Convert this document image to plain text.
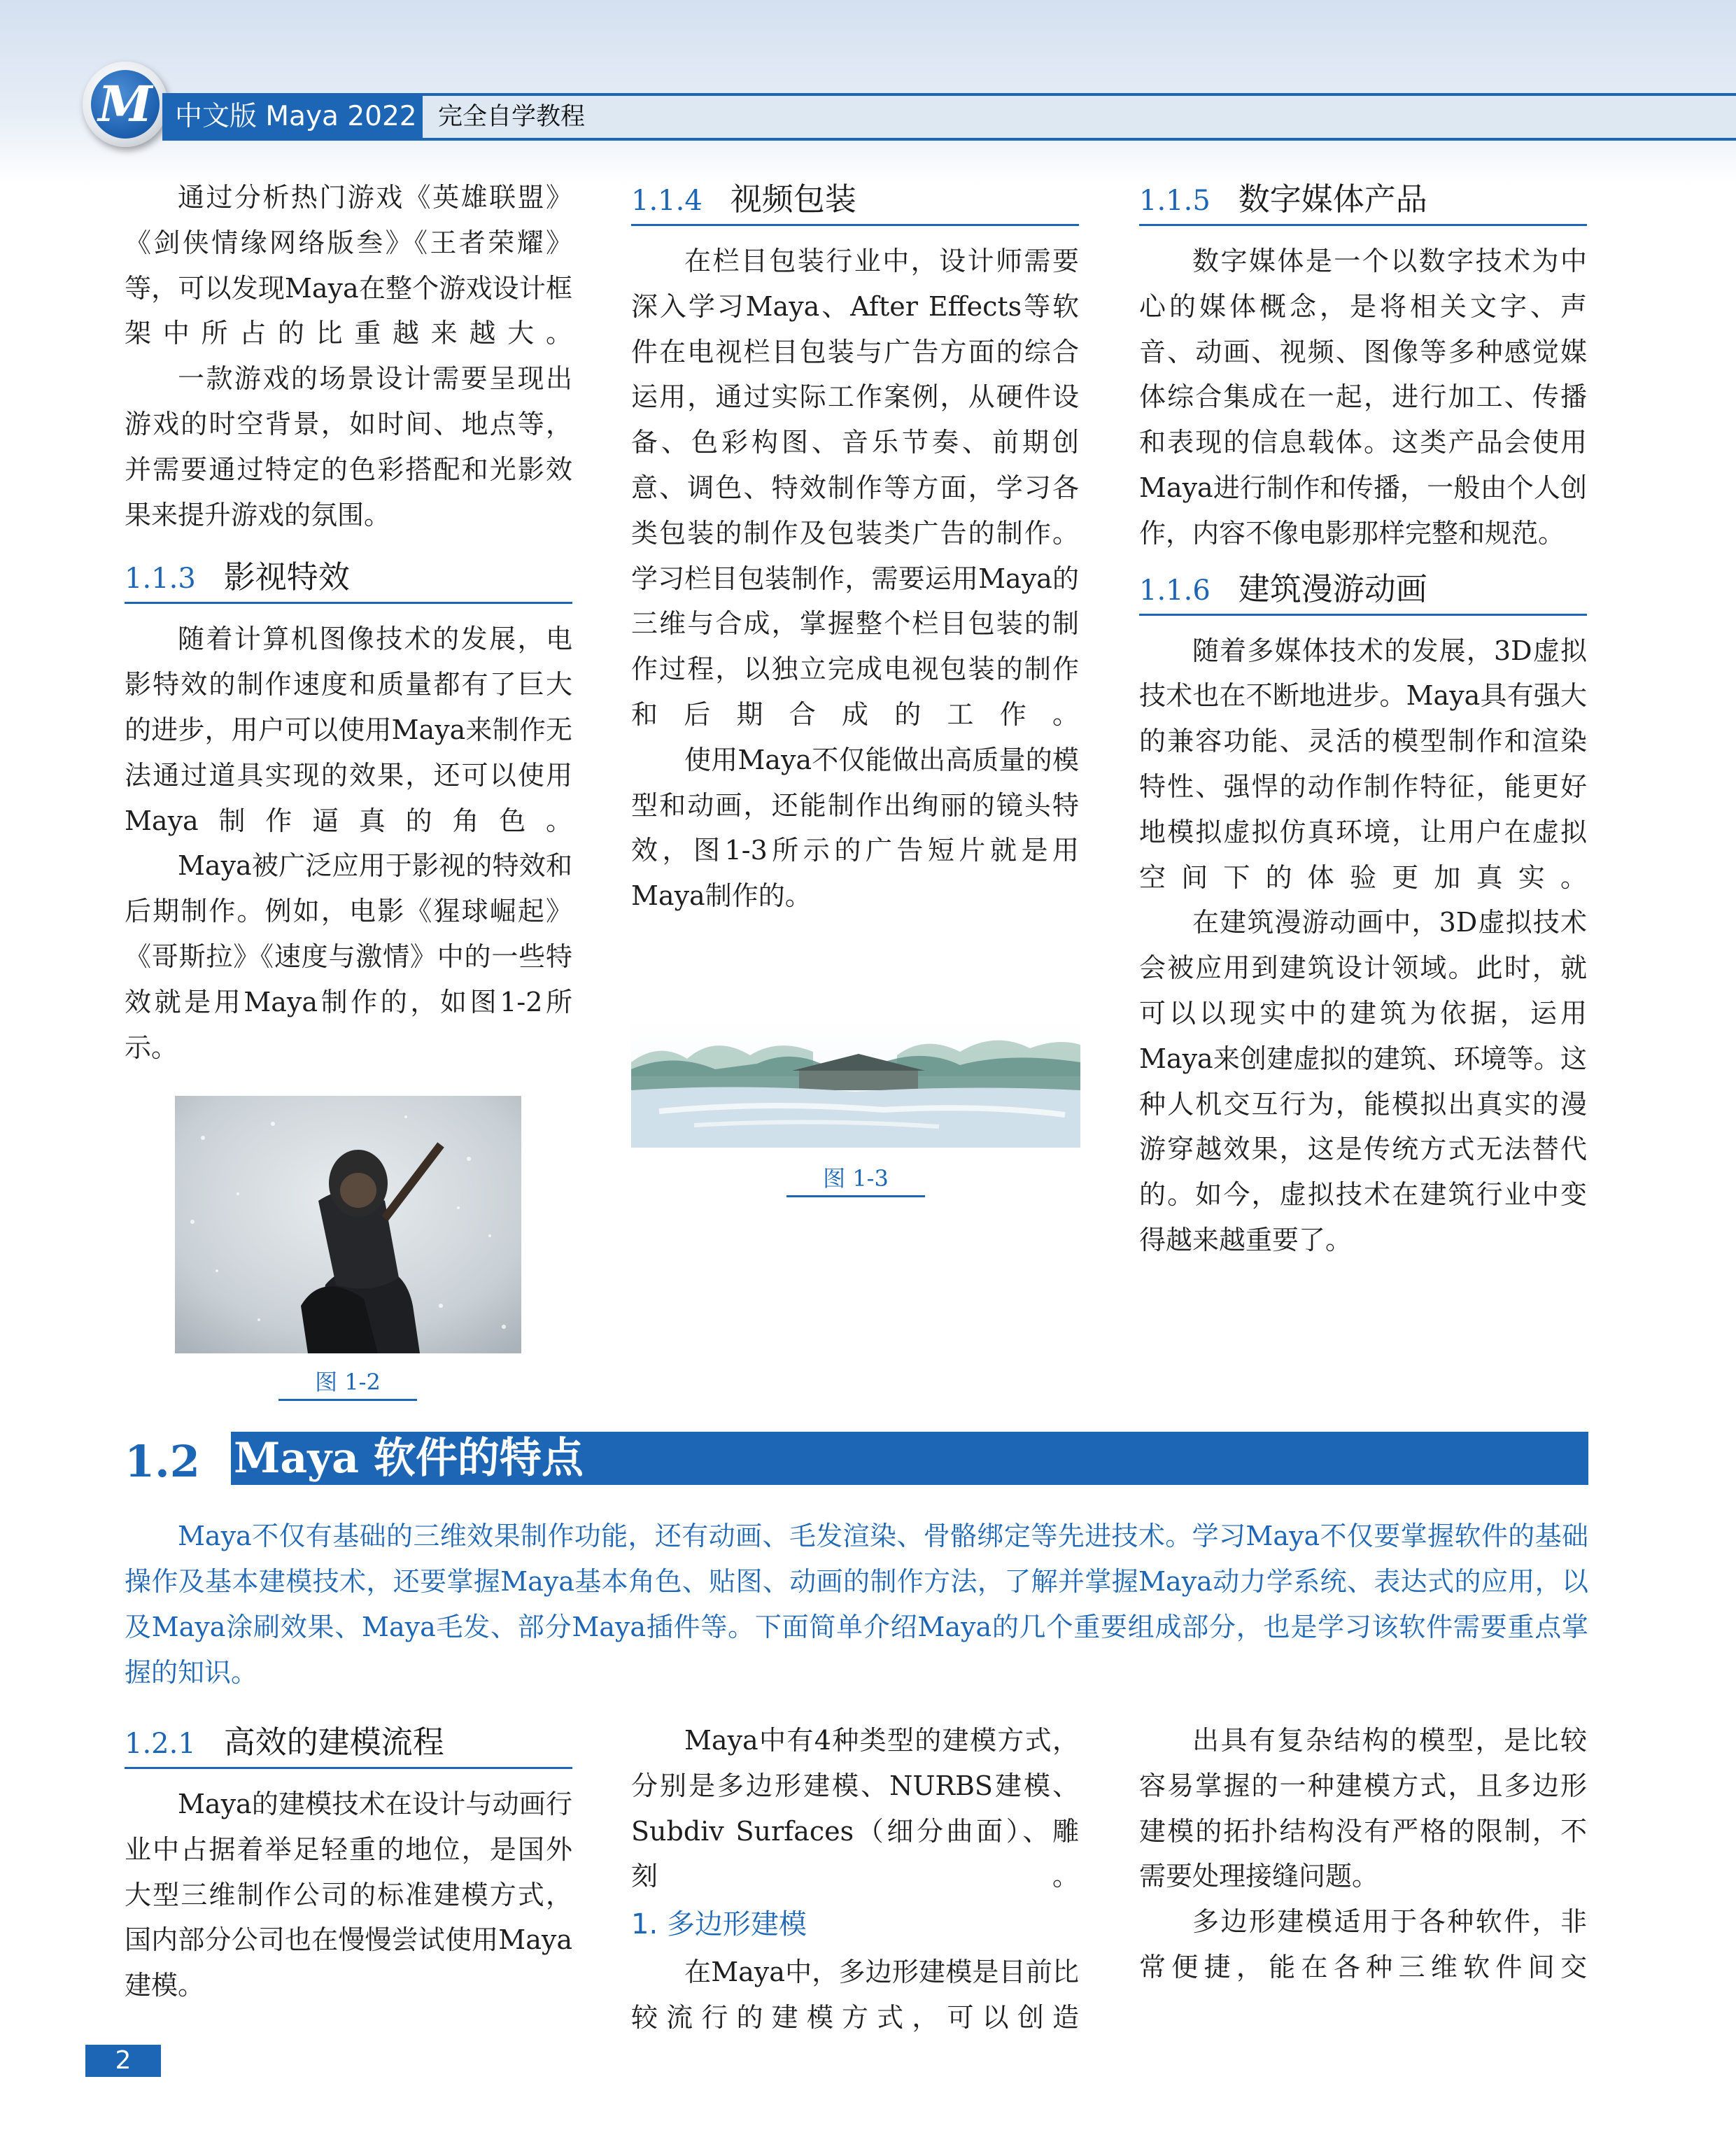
M 中文版 Maya 2022 完全自学教程

通过分析热门游戏《英雄联盟》《剑侠情缘网络版叁》《王者荣耀》等，可以发现Maya在整个游戏设计框架中所占的比重越来越大。

一款游戏的场景设计需要呈现出游戏的时空背景，如时间、地点等，并需要通过特定的色彩搭配和光影效果来提升游戏的氛围。

1.1.3 影视特效

随着计算机图像技术的发展，电影特效的制作速度和质量都有了巨大的进步，用户可以使用Maya来制作无法通过道具实现的效果，还可以使用Maya制作逼真的角色。

Maya被广泛应用于影视的特效和后期制作。例如，电影《猩球崛起》《哥斯拉》《速度与激情》中的一些特效就是用Maya制作的，如图1-2所示。

图 1-2
1.1.4 视频包装

在栏目包装行业中，设计师需要深入学习Maya、After Effects等软件在电视栏目包装与广告方面的综合运用，通过实际工作案例，从硬件设备、色彩构图、音乐节奏、前期创意、调色、特效制作等方面，学习各类包装的制作及包装类广告的制作。学习栏目包装制作，需要运用Maya的三维与合成，掌握整个栏目包装的制作过程，以独立完成电视包装的制作和后期合成的工作。

使用Maya不仅能做出高质量的模型和动画，还能制作出绚丽的镜头特效，图1-3所示的广告短片就是用Maya制作的。

图 1-3
1.1.5 数字媒体产品

数字媒体是一个以数字技术为中心的媒体概念，是将相关文字、声音、动画、视频、图像等多种感觉媒体综合集成在一起，进行加工、传播和表现的信息载体。这类产品会使用Maya进行制作和传播，一般由个人创作，内容不像电影那样完整和规范。

1.1.6 建筑漫游动画

随着多媒体技术的发展，3D虚拟技术也在不断地进步。Maya具有强大的兼容功能、灵活的模型制作和渲染特性、强悍的动作制作特征，能更好地模拟虚拟仿真环境，让用户在虚拟空间下的体验更加真实。

在建筑漫游动画中，3D虚拟技术会被应用到建筑设计领域。此时，就可以以现实中的建筑为依据，运用Maya来创建虚拟的建筑、环境等。这种人机交互行为，能模拟出真实的漫游穿越效果，这是传统方式无法替代的。如今，虚拟技术在建筑行业中变得越来越重要了。

1.2 Maya 软件的特点

Maya不仅有基础的三维效果制作功能，还有动画、毛发渲染、骨骼绑定等先进技术。学习Maya不仅要掌握软件的基础操作及基本建模技术，还要掌握Maya基本角色、贴图、动画的制作方法，了解并掌握Maya动力学系统、表达式的应用，以及Maya涂刷效果、Maya毛发、部分Maya插件等。下面简单介绍Maya的几个重要组成部分，也是学习该软件需要重点掌握的知识。

1.2.1 高效的建模流程

Maya的建模技术在设计与动画行业中占据着举足轻重的地位，是国外大型三维制作公司的标准建模方式，国内部分公司也在慢慢尝试使用Maya建模。

Maya中有4种类型的建模方式，分别是多边形建模、NURBS建模、Subdiv Surfaces（细分曲面）、雕刻。

1. 多边形建模

在Maya中，多边形建模是目前比较流行的建模方式，可以创造

出具有复杂结构的模型，是比较容易掌握的一种建模方式，且多边形建模的拓扑结构没有严格的限制，不需要处理接缝问题。

多边形建模适用于各种软件，非常便捷，能在各种三维软件间交

2
